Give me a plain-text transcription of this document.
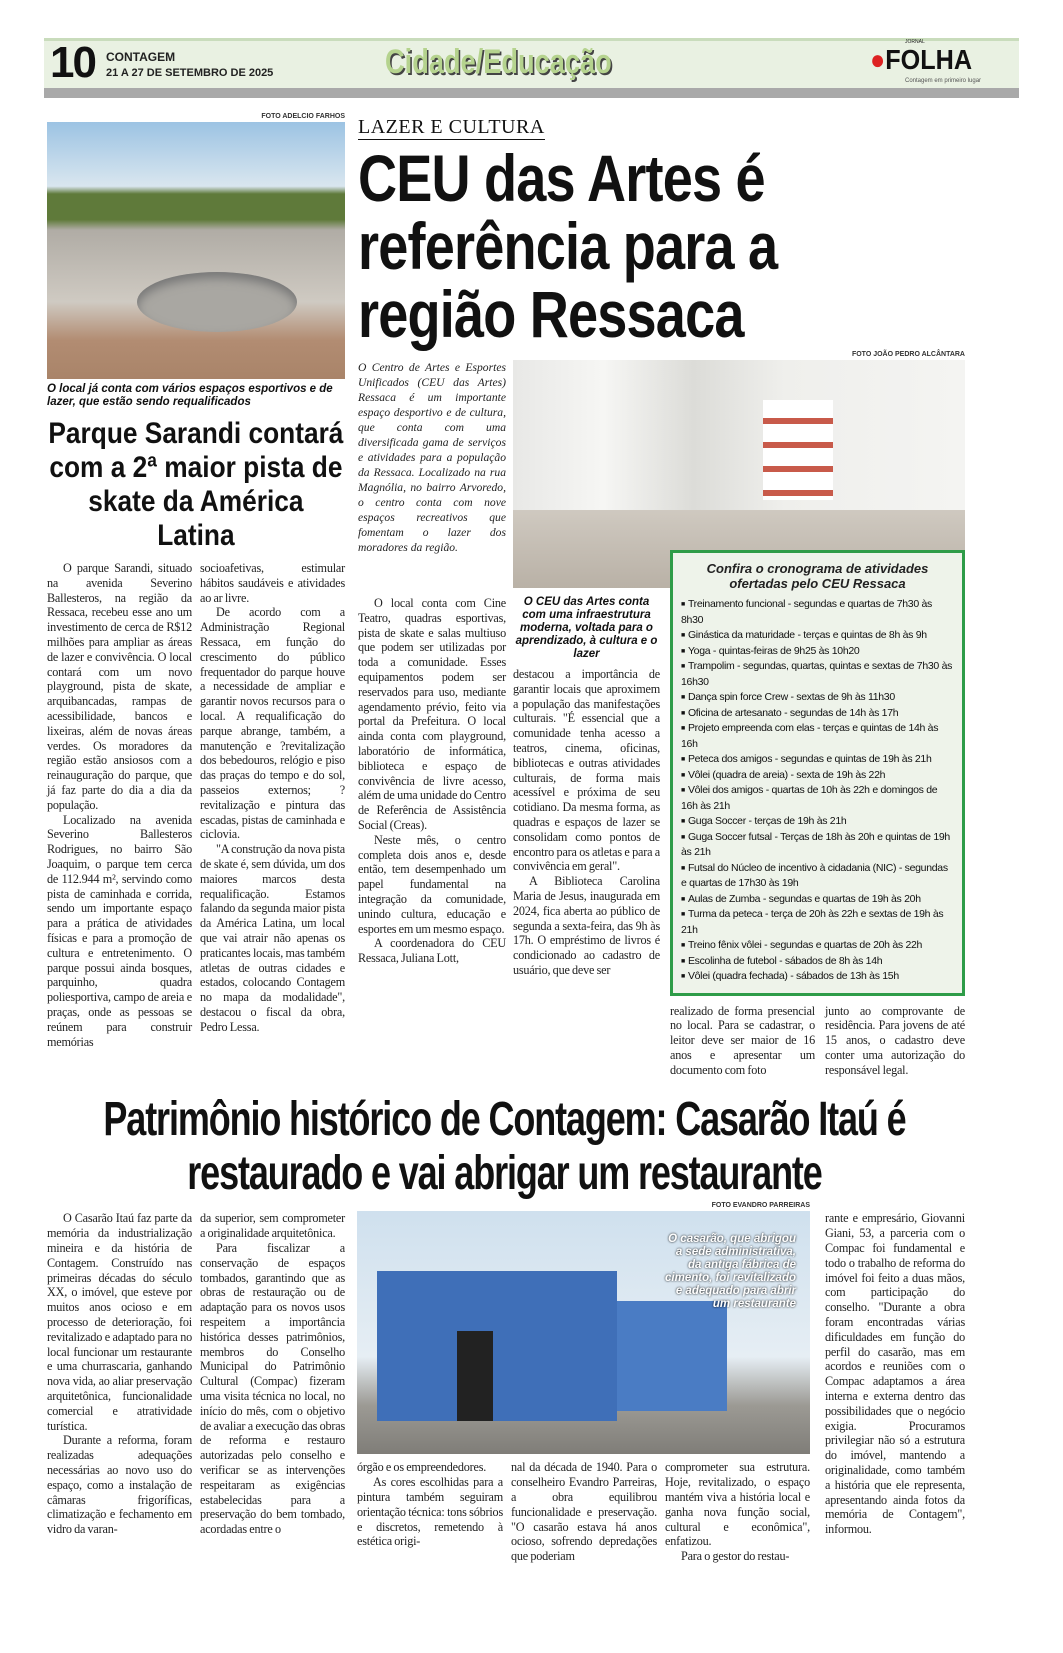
10 CONTAGEM
21 A 27 DE SETEMBRO DE 2025	Cidade/Educação
JORNAL
●FOLHA
Contagem em primeiro lugar
FOTO ADELCIO FARHOS
O local já conta com vários espaços esportivos e de lazer, que estão sendo requalificados
Parque Sarandi contará com a 2ª maior pista de skate da América Latina

O parque Sarandi, situado na avenida Severino Ballesteros, na região da Ressaca, recebeu esse ano um investimento de cerca de R$12 milhões para ampliar as áreas de lazer e convivência. O local contará com um novo playground, pista de skate, arquibancadas, rampas de acessibilidade, bancos e lixeiras, além de novas áreas verdes. Os moradores da região estão ansiosos com a reinauguração do parque, que já faz parte do dia a dia da população.

Localizado na avenida Severino Ballesteros Rodrigues, no bairro São Joaquim, o parque tem cerca de 112.944 m², servindo como pista de caminhada e corrida, sendo um importante espaço para a prática de atividades físicas e para a promoção de cultura e entretenimento. O parque possui ainda bosques, parquinho, quadra poliesportiva, campo de areia e praças, onde as pessoas se reúnem para construir memórias

socioafetivas, estimular hábitos saudáveis e atividades ao ar livre.

De acordo com a Administração Regional Ressaca, em função do crescimento do público frequentador do parque houve a necessidade de ampliar e garantir novos recursos para o local. A requalificação do parque abrange, também, a manutenção e ?revitalização dos bebedouros, relógio e piso das praças do tempo e do sol, passeios externos; ?revitalização e pintura das escadas, pistas de caminhada e ciclovia.

"A construção da nova pista de skate é, sem dúvida, um dos maiores marcos desta requalificação. Estamos falando da segunda maior pista da América Latina, um local que vai atrair não apenas os praticantes locais, mas também atletas de outras cidades e estados, colocando Contagem no mapa da modalidade", destacou o fiscal da obra, Pedro Lessa.

LAZER E CULTURA
CEU das Artes é referência para a região Ressaca
FOTO JOÃO PEDRO ALCÂNTARA
O Centro de Artes e Esportes Unificados (CEU das Artes) Ressaca é um importante espaço desportivo e de cultura, que conta com uma diversificada gama de serviços e atividades para a população da Ressaca. Localizado na rua Magnólia, no bairro Arvoredo, o centro conta com nove espaços recreativos que fomentam o lazer dos moradores da região.

O local conta com Cine Teatro, quadras esportivas, pista de skate e salas multiuso que podem ser utilizadas por toda a comunidade. Esses equipamentos podem ser reservados para uso, mediante agendamento prévio, feito via portal da Prefeitura. O local ainda conta com playground, laboratório de informática, biblioteca e espaço de convivência de livre acesso, além de uma unidade do Centro de Referência de Assistência Social (Creas).

Neste mês, o centro completa dois anos e, desde então, tem desempenhado um papel fundamental na integração da comunidade, unindo cultura, educação e esportes em um mesmo espaço.

A coordenadora do CEU Ressaca, Juliana Lott,

O CEU das Artes conta com uma infraestrutura moderna, voltada para o aprendizado, à cultura e o lazer

destacou a importância de garantir locais que aproximem a população das manifestações culturais. "É essencial que a comunidade tenha acesso a teatros, cinema, oficinas, bibliotecas e outras atividades culturais, de forma mais acessível e próxima de seu cotidiano. Da mesma forma, as quadras e espaços de lazer se consolidam como pontos de encontro para os atletas e para a convivência em geral".

A Biblioteca Carolina Maria de Jesus, inaugurada em 2024, fica aberta ao público de segunda a sexta-feira, das 9h às 17h. O empréstimo de livros é condicionado ao cadastro de usuário, que deve ser

Confira o cronograma de atividades ofertadas pelo CEU Ressaca
■ Treinamento funcional - segundas e quartas de 7h30 às 8h30
■ Ginástica da maturidade - terças e quintas de 8h às 9h
■ Yoga - quintas-feiras de 9h25 às 10h20
■ Trampolim - segundas, quartas, quintas e sextas de 7h30 às 16h30
■ Dança spin force Crew - sextas de 9h às 11h30
■ Oficina de artesanato - segundas de 14h às 17h
■ Projeto empreenda com elas - terças e quintas de 14h às 16h
■ Peteca dos amigos - segundas e quintas de 19h às 21h
■ Vôlei (quadra de areia) - sexta de 19h às 22h
■ Vôlei dos amigos - quartas de 10h às 22h e domingos de 16h às 21h
■ Guga Soccer - terças de 19h às 21h
■ Guga Soccer futsal - Terças de 18h às 20h e quintas de 19h às 21h
■ Futsal do Núcleo de incentivo à cidadania (NIC) - segundas e quartas de 17h30 às 19h
■ Aulas de Zumba - segundas e quartas de 19h às 20h
■ Turma da peteca - terça de 20h às 22h e sextas de 19h às 21h
■ Treino fênix vôlei - segundas e quartas de 20h às 22h
■ Escolinha de futebol - sábados de 8h às 14h
■ Vôlei (quadra fechada) - sábados de 13h às 15h

realizado de forma presencial no local. Para se cadastrar, o leitor deve ser maior de 16 anos e apresentar um documento com foto

junto ao comprovante de residência. Para jovens de até 15 anos, o cadastro deve conter uma autorização do responsável legal.

Patrimônio histórico de Contagem: Casarão Itaú é restaurado e vai abrigar um restaurante

O Casarão Itaú faz parte da memória da industrialização mineira e da história de Contagem. Construído nas primeiras décadas do século XX, o imóvel, que esteve por muitos anos ocioso e em processo de deterioração, foi revitalizado e adaptado para no local funcionar um restaurante e uma churrascaria, ganhando nova vida, ao aliar preservação arquitetônica, funcionalidade comercial e atratividade turística.

Durante a reforma, foram realizadas adequações necessárias ao novo uso do espaço, como a instalação de câmaras frigoríficas, climatização e fechamento em vidro da varan-

da superior, sem comprometer a originalidade arquitetônica.

Para fiscalizar a conservação de espaços tombados, garantindo que as obras de restauração ou de adaptação para os novos usos respeitem a importância histórica desses patrimônios, membros do Conselho Municipal do Patrimônio Cultural (Compac) fizeram uma visita técnica no local, no início do mês, com o objetivo de avaliar a execução das obras de reforma e restauro autorizadas pelo conselho e verificar se as intervenções respeitaram as exigências estabelecidas para a preservação do bem tombado, acordadas entre o

FOTO EVANDRO PARREIRAS
O casarão, que abrigou a sede administrativa, da antiga fábrica de cimento, foi revitalizado e adequado para abrir um restaurante

órgão e os empreendedores.

As cores escolhidas para a pintura também seguiram orientação técnica: tons sóbrios e discretos, remetendo à estética origi-

nal da década de 1940. Para o conselheiro Evandro Parreiras, a obra equilibrou funcionalidade e preservação. "O casarão estava há anos ocioso, sofrendo depredações que poderiam

comprometer sua estrutura. Hoje, revitalizado, o espaço mantém viva a história local e ganha nova função social, cultural e econômica", enfatizou.

Para o gestor do restau-

rante e empresário, Giovanni Giani, 53, a parceria com o Compac foi fundamental e todo o trabalho de reforma do imóvel foi feito a duas mãos, com participação do conselho. "Durante a obra foram encontradas várias dificuldades em função do perfil do casarão, mas em acordos e reuniões com o Compac adaptamos a área interna e externa dentro das possibilidades que o negócio exigia. Procuramos privilegiar não só a estrutura do imóvel, mantendo a originalidade, como também a história que ele representa, apresentando ainda fotos da memória de Contagem", informou.
